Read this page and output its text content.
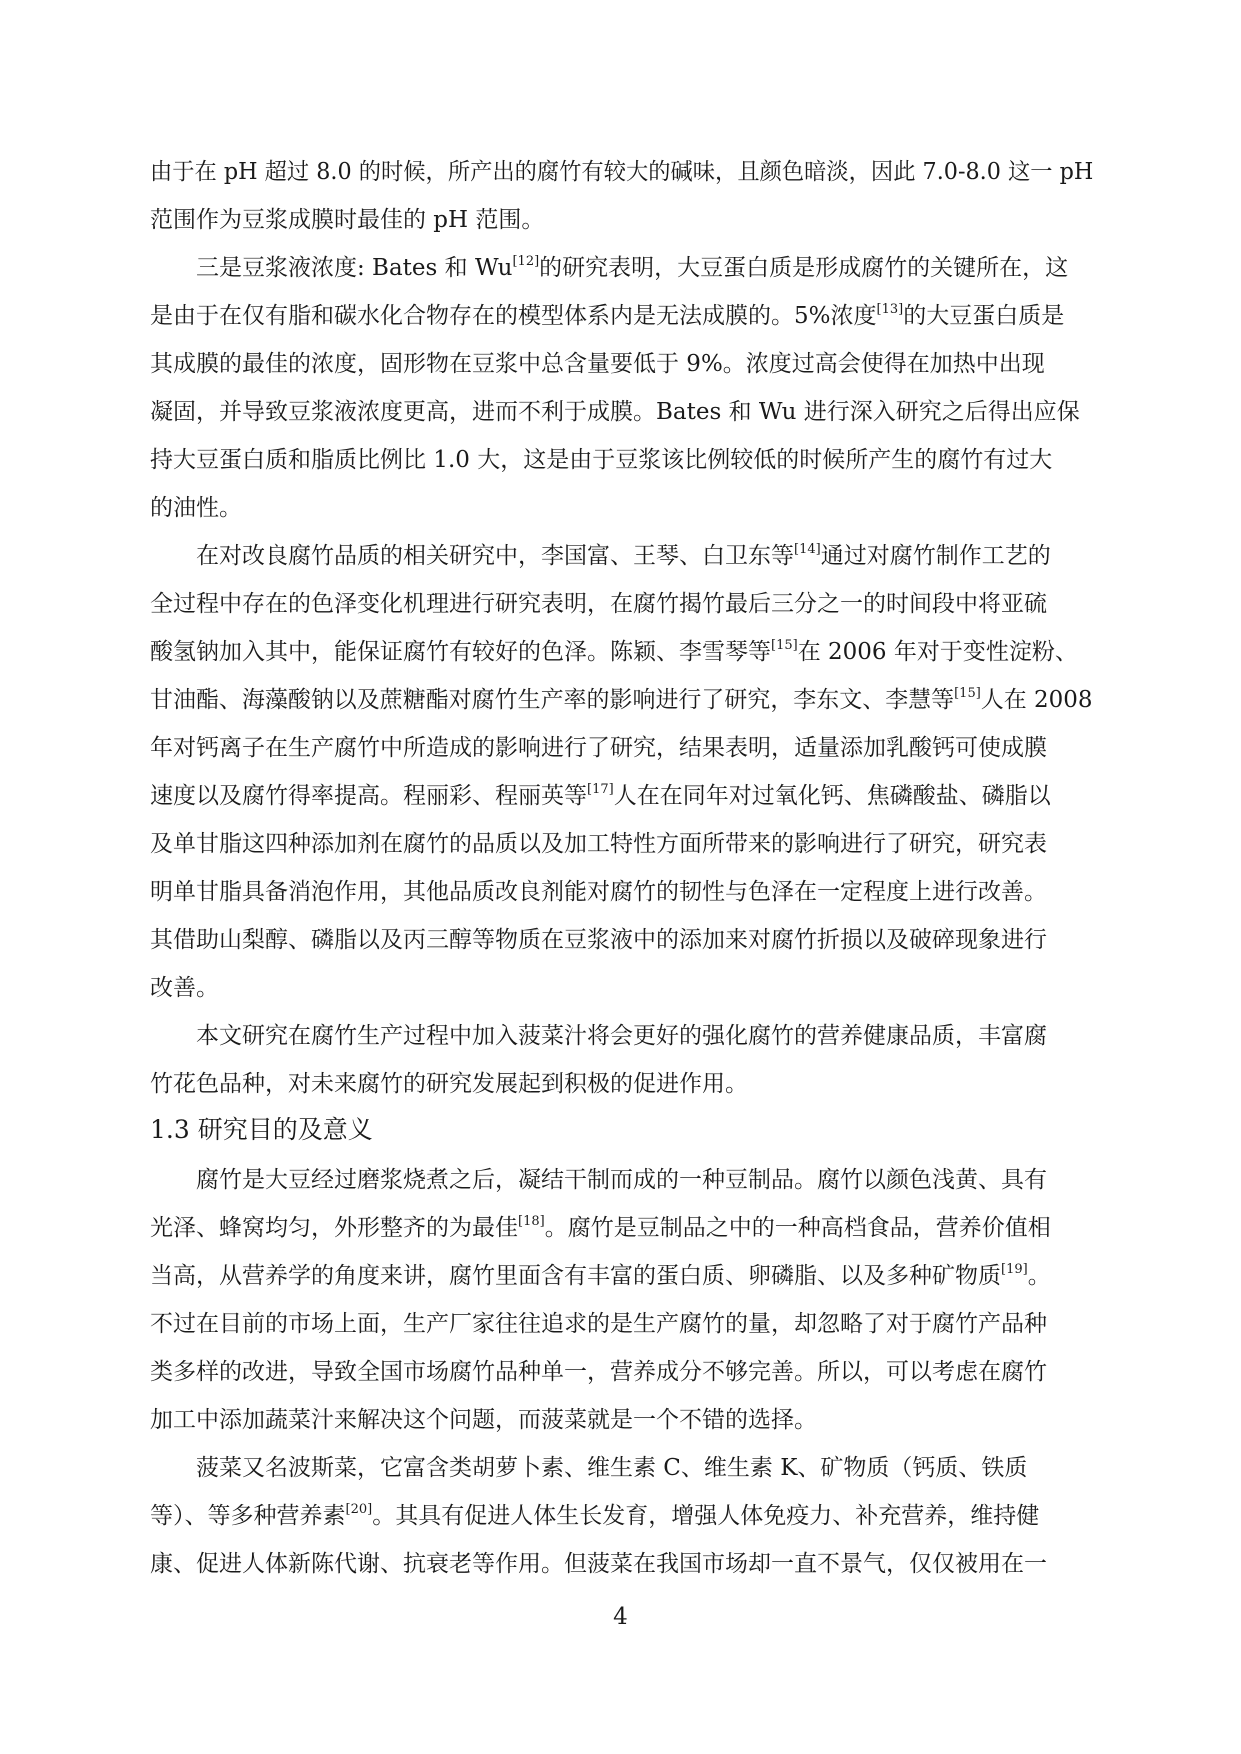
由于在 pH 超过 8.0 的时候，所产出的腐竹有较大的碱味，且颜色暗淡，因此 7.0-8.0 这一 pH
范围作为豆浆成膜时最佳的 pH 范围。
三是豆浆液浓度: Bates 和 Wu[12]的研究表明，大豆蛋白质是形成腐竹的关键所在，这
是由于在仅有脂和碳水化合物存在的模型体系内是无法成膜的。5%浓度[13]的大豆蛋白质是
其成膜的最佳的浓度，固形物在豆浆中总含量要低于 9%。浓度过高会使得在加热中出现
凝固，并导致豆浆液浓度更高，进而不利于成膜。Bates 和 Wu 进行深入研究之后得出应保
持大豆蛋白质和脂质比例比 1.0 大，这是由于豆浆该比例较低的时候所产生的腐竹有过大
的油性。
在对改良腐竹品质的相关研究中，李国富、王琴、白卫东等[14]通过对腐竹制作工艺的
全过程中存在的色泽变化机理进行研究表明，在腐竹揭竹最后三分之一的时间段中将亚硫
酸氢钠加入其中，能保证腐竹有较好的色泽。陈颖、李雪琴等[15]在 2006 年对于变性淀粉、
甘油酯、海藻酸钠以及蔗糖酯对腐竹生产率的影响进行了研究，李东文、李慧等[15]人在 2008
年对钙离子在生产腐竹中所造成的影响进行了研究，结果表明，适量添加乳酸钙可使成膜
速度以及腐竹得率提高。程丽彩、程丽英等[17]人在在同年对过氧化钙、焦磷酸盐、磷脂以
及单甘脂这四种添加剂在腐竹的品质以及加工特性方面所带来的影响进行了研究，研究表
明单甘脂具备消泡作用，其他品质改良剂能对腐竹的韧性与色泽在一定程度上进行改善。
其借助山梨醇、磷脂以及丙三醇等物质在豆浆液中的添加来对腐竹折损以及破碎现象进行
改善。
本文研究在腐竹生产过程中加入菠菜汁将会更好的强化腐竹的营养健康品质，丰富腐
竹花色品种，对未来腐竹的研究发展起到积极的促进作用。
1.3 研究目的及意义
腐竹是大豆经过磨浆烧煮之后，凝结干制而成的一种豆制品。腐竹以颜色浅黄、具有
光泽、蜂窝均匀，外形整齐的为最佳[18]。腐竹是豆制品之中的一种高档食品，营养价值相
当高，从营养学的角度来讲，腐竹里面含有丰富的蛋白质、卵磷脂、以及多种矿物质[19]。
不过在目前的市场上面，生产厂家往往追求的是生产腐竹的量，却忽略了对于腐竹产品种
类多样的改进，导致全国市场腐竹品种单一，营养成分不够完善。所以，可以考虑在腐竹
加工中添加蔬菜汁来解决这个问题，而菠菜就是一个不错的选择。
菠菜又名波斯菜，它富含类胡萝卜素、维生素 C、维生素 K、矿物质（钙质、铁质
等）、等多种营养素[20]。其具有促进人体生长发育，增强人体免疫力、补充营养，维持健
康、促进人体新陈代谢、抗衰老等作用。但菠菜在我国市场却一直不景气，仅仅被用在一
4
